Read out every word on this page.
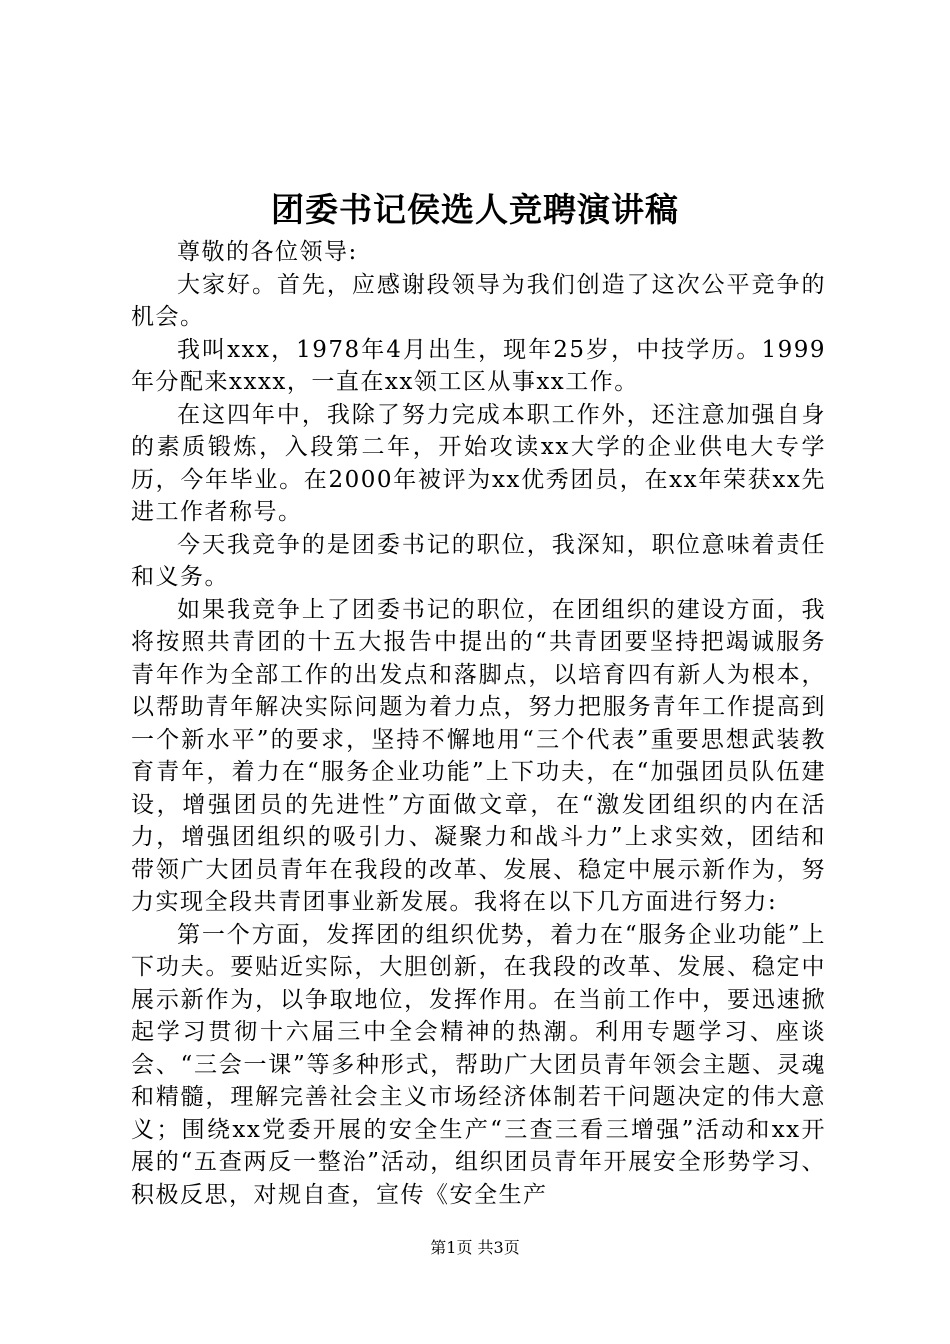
团委书记侯选人竞聘演讲稿

尊敬的各位领导:

大家好。首先，应感谢段领导为我们创造了这次公平竞争的机会。

我叫xxx，1978年4月出生，现年25岁，中技学历。1999年分配来xxxx，一直在xx领工区从事xx工作。

在这四年中，我除了努力完成本职工作外，还注意加强自身的素质锻炼，入段第二年，开始攻读xx大学的企业供电大专学历，今年毕业。在2000年被评为xx优秀团员，在xx年荣获xx先进工作者称号。

今天我竞争的是团委书记的职位，我深知，职位意味着责任和义务。

如果我竞争上了团委书记的职位，在团组织的建设方面，我将按照共青团的十五大报告中提出的“共青团要坚持把竭诚服务青年作为全部工作的出发点和落脚点，以培育四有新人为根本，以帮助青年解决实际问题为着力点，努力把服务青年工作提高到一个新水平”的要求，坚持不懈地用“三个代表”重要思想武装教育青年，着力在“服务企业功能”上下功夫，在“加强团员队伍建设，增强团员的先进性”方面做文章，在“激发团组织的内在活力，增强团组织的吸引力、凝聚力和战斗力”上求实效，团结和带领广大团员青年在我段的改革、发展、稳定中展示新作为，努力实现全段共青团事业新发展。我将在以下几方面进行努力:

第一个方面，发挥团的组织优势，着力在“服务企业功能”上下功夫。要贴近实际，大胆创新，在我段的改革、发展、稳定中展示新作为，以争取地位，发挥作用。在当前工作中，要迅速掀起学习贯彻十六届三中全会精神的热潮。利用专题学习、座谈会、“三会一课”等多种形式，帮助广大团员青年领会主题、灵魂和精髓，理解完善社会主义市场经济体制若干问题决定的伟大意义；围绕xx党委开展的安全生产“三查三看三增强”活动和xx开展的“五查两反一整治”活动，组织团员青年开展安全形势学习、积极反思，对规自查，宣传《安全生产

第1页 共3页
